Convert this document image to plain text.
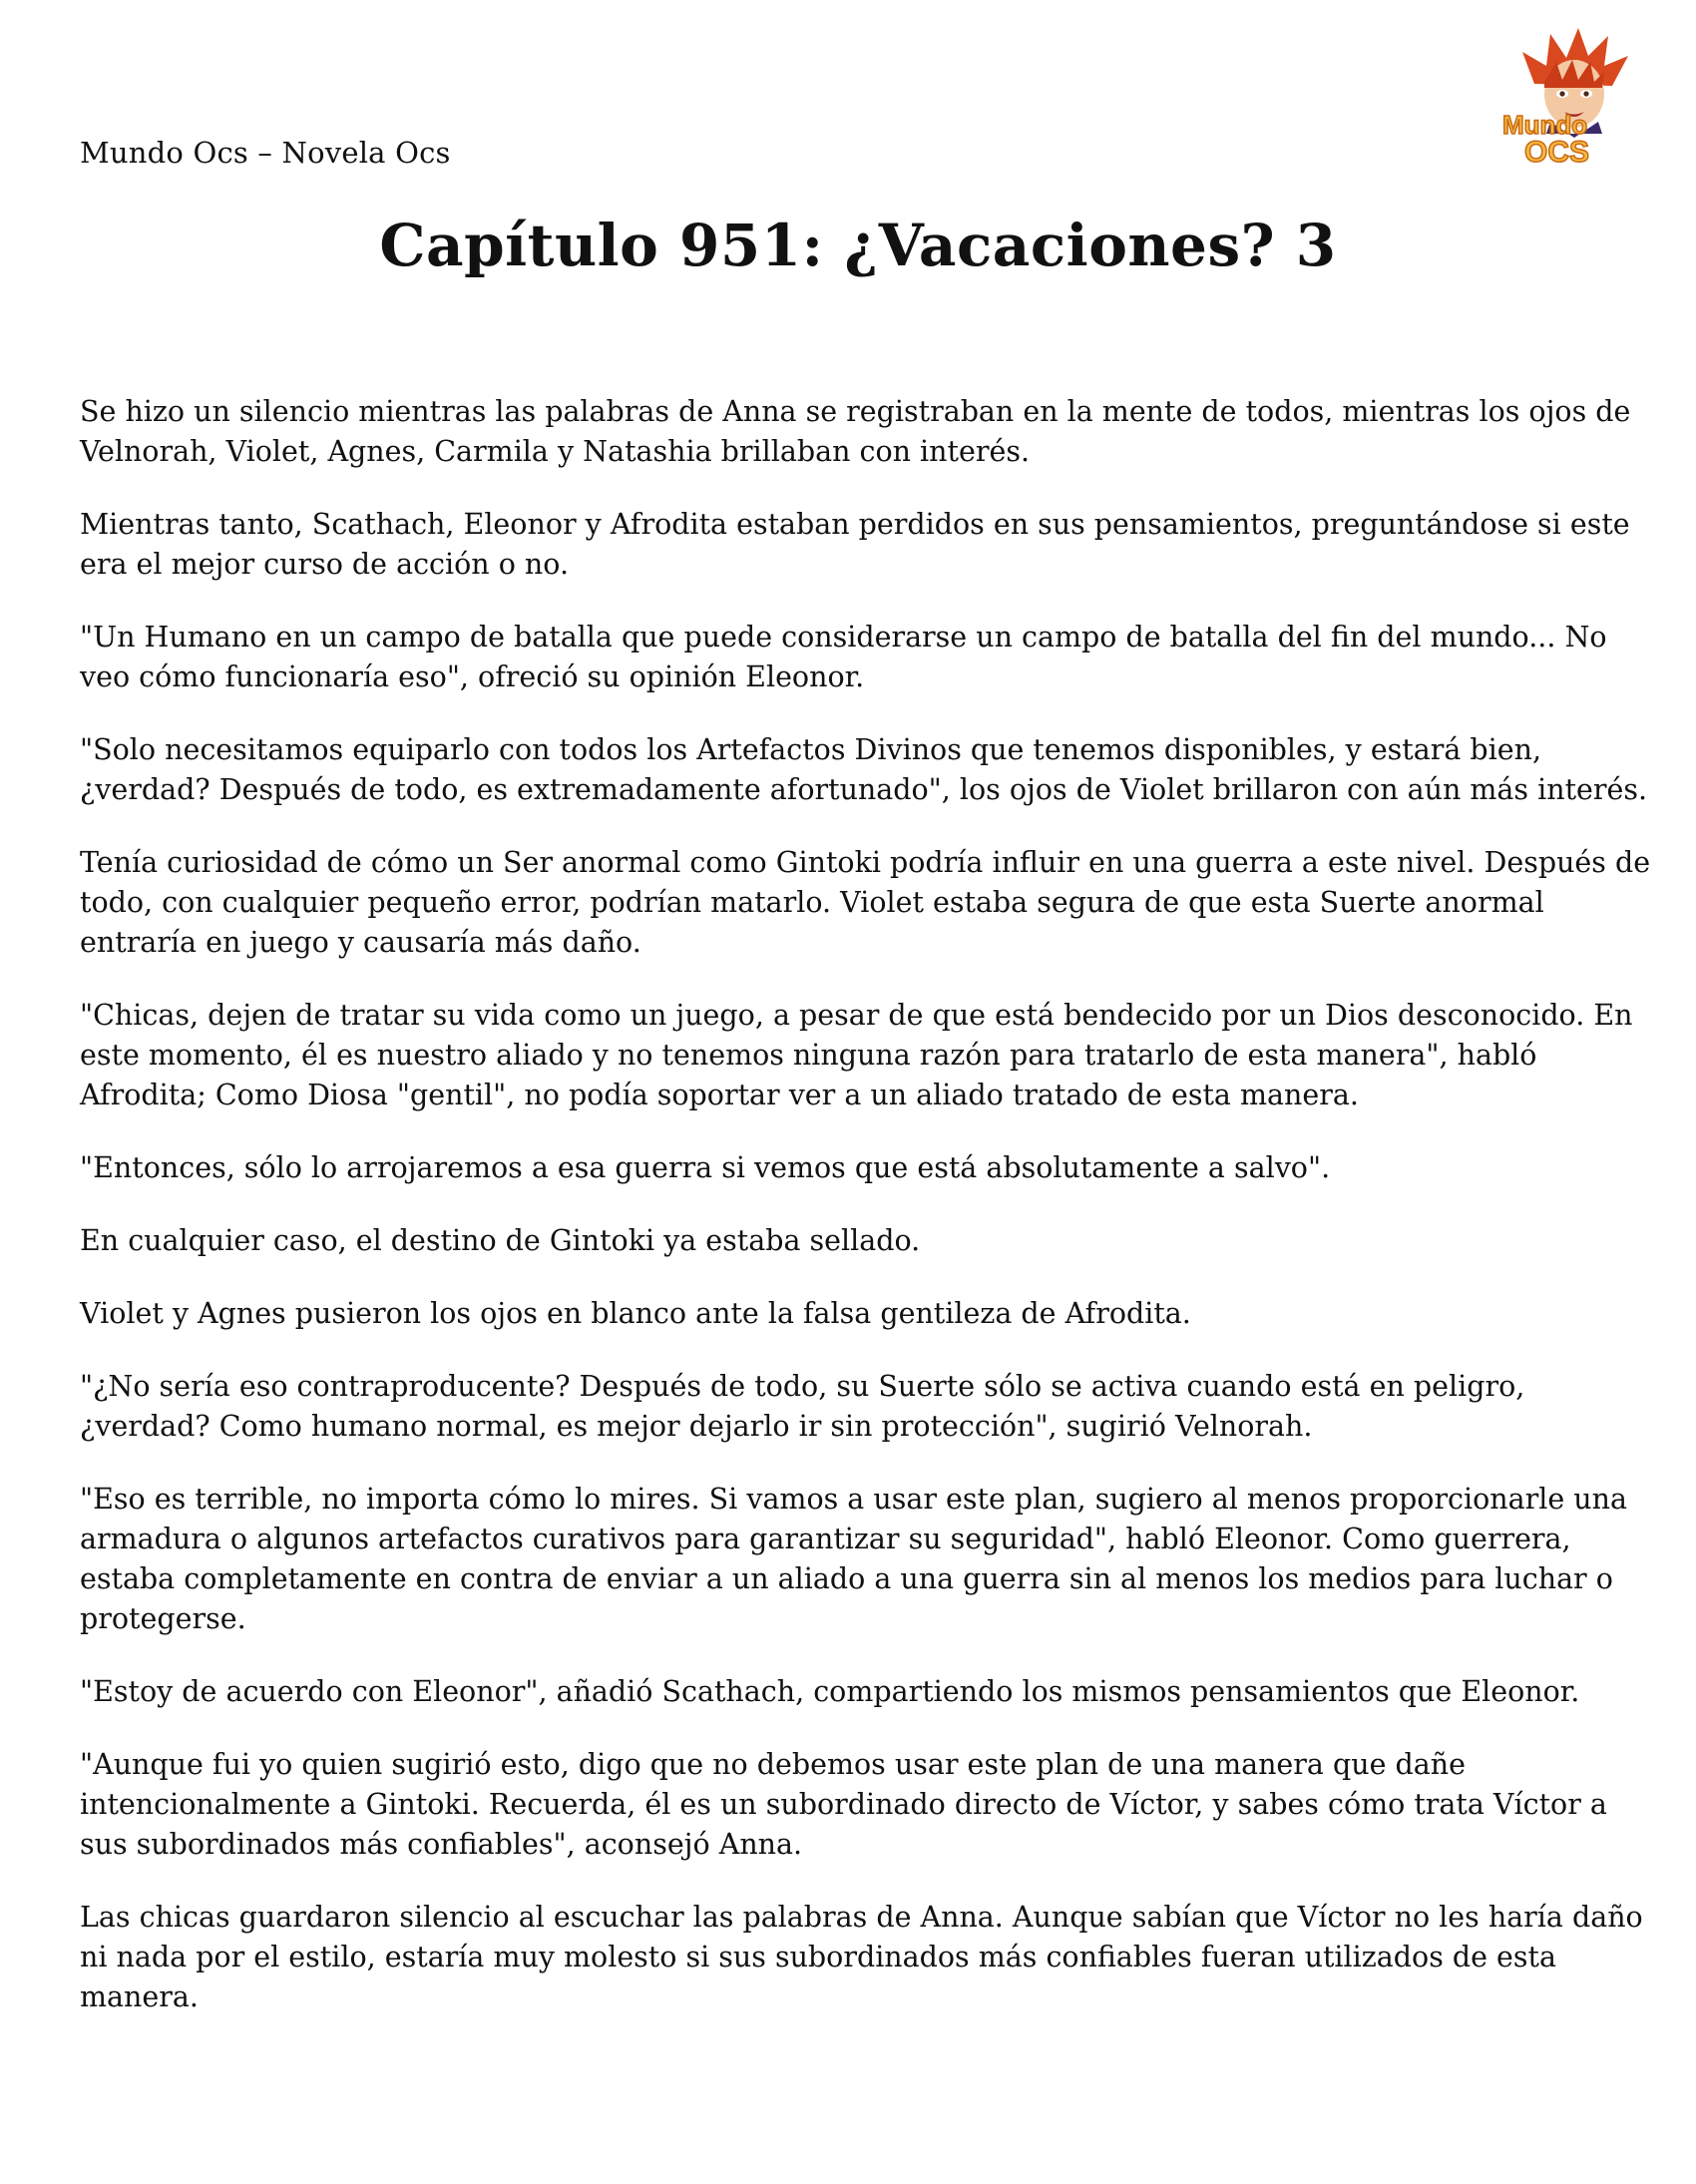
Mundo Ocs – Novela Ocs
Mundo
OCS
Capítulo 951: ¿Vacaciones? 3

Se hizo un silencio mientras las palabras de Anna se registraban en la mente de todos, mientras los ojos de Velnorah, Violet, Agnes, Carmila y Natashia brillaban con interés.

Mientras tanto, Scathach, Eleonor y Afrodita estaban perdidos en sus pensamientos, preguntándose si este era el mejor curso de acción o no.

"Un Humano en un campo de batalla que puede considerarse un campo de batalla del fin del mundo... No veo cómo funcionaría eso", ofreció su opinión Eleonor.

"Solo necesitamos equiparlo con todos los Artefactos Divinos que tenemos disponibles, y estará bien, ¿verdad? Después de todo, es extremadamente afortunado", los ojos de Violet brillaron con aún más interés.

Tenía curiosidad de cómo un Ser anormal como Gintoki podría influir en una guerra a este nivel. Después de todo, con cualquier pequeño error, podrían matarlo. Violet estaba segura de que esta Suerte anormal entraría en juego y causaría más daño.

"Chicas, dejen de tratar su vida como un juego, a pesar de que está bendecido por un Dios desconocido. En este momento, él es nuestro aliado y no tenemos ninguna razón para tratarlo de esta manera", habló Afrodita; Como Diosa "gentil", no podía soportar ver a un aliado tratado de esta manera.

"Entonces, sólo lo arrojaremos a esa guerra si vemos que está absolutamente a salvo".

En cualquier caso, el destino de Gintoki ya estaba sellado.

Violet y Agnes pusieron los ojos en blanco ante la falsa gentileza de Afrodita.

"¿No sería eso contraproducente? Después de todo, su Suerte sólo se activa cuando está en peligro, ¿verdad? Como humano normal, es mejor dejarlo ir sin protección", sugirió Velnorah.

"Eso es terrible, no importa cómo lo mires. Si vamos a usar este plan, sugiero al menos proporcionarle una armadura o algunos artefactos curativos para garantizar su seguridad", habló Eleonor. Como guerrera, estaba completamente en contra de enviar a un aliado a una guerra sin al menos los medios para luchar o protegerse.

"Estoy de acuerdo con Eleonor", añadió Scathach, compartiendo los mismos pensamientos que Eleonor.

"Aunque fui yo quien sugirió esto, digo que no debemos usar este plan de una manera que dañe intencionalmente a Gintoki. Recuerda, él es un subordinado directo de Víctor, y sabes cómo trata Víctor a sus subordinados más confiables", aconsejó Anna.

Las chicas guardaron silencio al escuchar las palabras de Anna. Aunque sabían que Víctor no les haría daño ni nada por el estilo, estaría muy molesto si sus subordinados más confiables fueran utilizados de esta manera.
